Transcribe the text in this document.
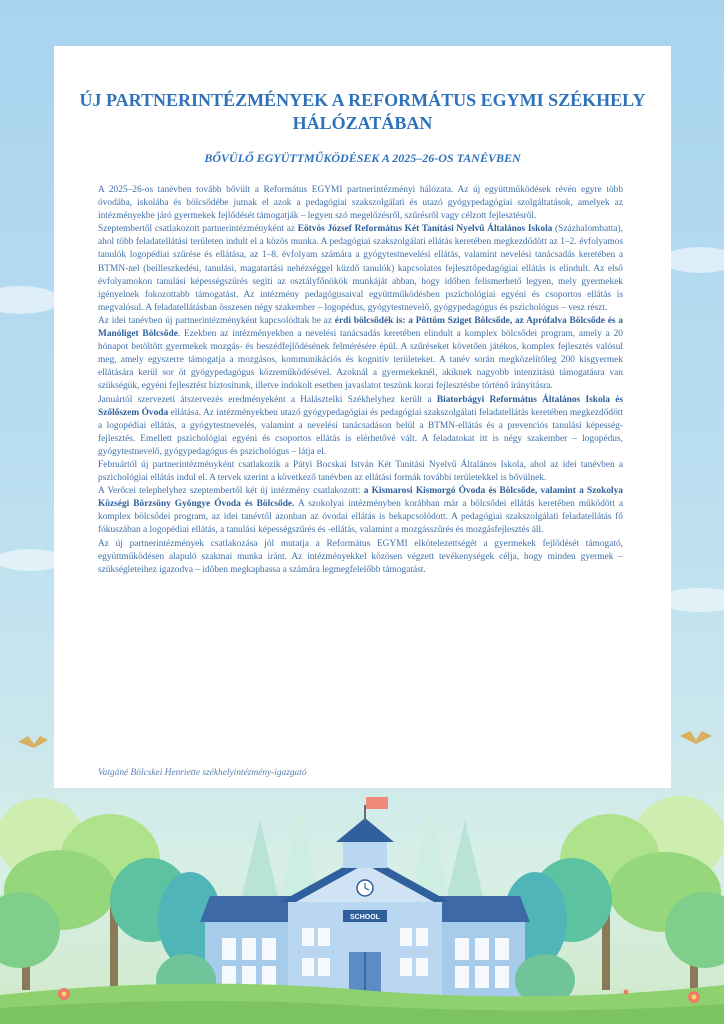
SCHOOL
ÚJ PARTNERINTÉZMÉNYEK A REFORMÁTUS EGYMI SZÉKHELY HÁLÓZATÁBAN
BŐVÜLŐ EGYÜTTMŰKÖDÉSEK A 2025–26-OS TANÉVBEN

A 2025–26-os tanévben tovább bővült a Református EGYMI partnerintézményi hálózata. Az új együttműködések révén egyre több óvodába, iskolába és bölcsődébe jutnak el azok a pedagógiai szakszolgálati és utazó gyógypedagógiai szolgáltatások, amelyek az intézményekbe járó gyermekek fejlődését támogatják – legyen szó megelőzésről, szűrésről vagy célzott fejlesztésről.

Szeptembertől csatlakozott partnerintézményként az Eötvös József Református Két Tanítási Nyelvű Általános Iskola (Százhalombatta), ahol több feladatellátási területen indult el a közös munka. A pedagógiai szakszolgálati ellátás keretében megkezdődött az 1–2. évfolyamos tanulók logopédiai szűrése és ellátása, az 1–8. évfolyam számára a gyógytestnevelési ellátás, valamint nevelési tanácsadás keretében a BTMN-nel (beilleszkedési, tanulási, magatartási nehézséggel küzdő tanulók) kapcsolatos fejlesztőpedagógiai ellátás is elindult. Az első évfolyamokon tanulási képességszűrés segíti az osztályfőnökök munkáját abban, hogy időben felismerhető legyen, mely gyermekek igényelnek fokozottabb támogatást. Az intézmény pedagógusaival együttműködésben pszichológiai egyéni és csoportos ellátás is megvalósul. A feladatellátásban összesen négy szakember – logopédus, gyógytestnevelő, gyógypedagógus és pszichológus – vesz részt.

Az idei tanévben új partnerintézményként kapcsolódtak be az érdi bölcsődék is: a Pöttöm Sziget Bölcsőde, az Aprófalva Bölcsőde és a Manóliget Bölcsőde. Ezekben az intézményekben a nevelési tanácsadás keretében elindult a komplex bölcsődei program, amely a 20 hónapot betöltött gyermekek mozgás- és beszédfejlődésének felmérésére épül. A szűréseket követően játékos, komplex fejlesztés valósul meg, amely egyszerre támogatja a mozgásos, kommunikációs és kognitív területeket. A tanév során megközelítőleg 200 kisgyermek ellátására kerül sor öt gyógypedagógus közreműködésével. Azoknál a gyermekeknél, akiknek nagyobb intenzitású támogatásra van szükségük, egyéni fejlesztést biztosítunk, illetve indokolt esetben javaslatot teszünk korai fejlesztésbe történő irányításra.

Januártól szervezeti átszervezés eredményeként a Halásztelki Székhelyhez került a Biatorbágyi Református Általános Iskola és Szőlőszem Óvoda ellátása. Az intézményekben utazó gyógypedagógiai és pedagógiai szakszolgálati feladatellátás keretében megkezdődött a logopédiai ellátás, a gyógytestnevelés, valamint a nevelési tanácsadáson belül a BTMN-ellátás és a prevenciós tanulási képesség-fejlesztés. Emellett pszichológiai egyéni és csoportos ellátás is elérhetővé vált. A feladatokat itt is négy szakember – logopédus, gyógytestnevelő, gyógypedagógus és pszichológus – látja el.

Februártól új partnerintézményként csatlakozik a Pátyi Bocskai István Két Tanítási Nyelvű Általános Iskola, ahol az idei tanévben a pszichológiai ellátás indul el. A tervek szerint a következő tanévben az ellátási formák további területekkel is bővülnek.

A Verőcei telephelyhez szeptembertől két új intézmény csatlakozott: a Kismarosi Kismorgó Óvoda és Bölcsőde, valamint a Szokolya Községi Börzsöny Gyöngye Óvoda és Bölcsőde. A szokolyai intézményben korábban már a bölcsődei ellátás keretében működött a komplex bölcsődei program, az idei tanévtől azonban az óvodai ellátás is bekapcsolódott. A pedagógiai szakszolgálati feladatellátás fő fókuszában a logopédiai ellátás, a tanulási képességszűrés és -ellátás, valamint a mozgásszűrés és mozgásfejlesztés áll.

Az új partnerintézmények csatlakozása jól mutatja a Református EGYMI elkötelezettségét a gyermekek fejlődését támogató, együttműködésen alapuló szakmai munka iránt. Az intézményekkel közösen végzett tevékenységek célja, hogy minden gyermek – szükségleteihez igazodva – időben megkaphassa a számára legmegfelelőbb támogatást.

Vatgáné Bölcskei Henriette székhelyintézmény-igazgató
